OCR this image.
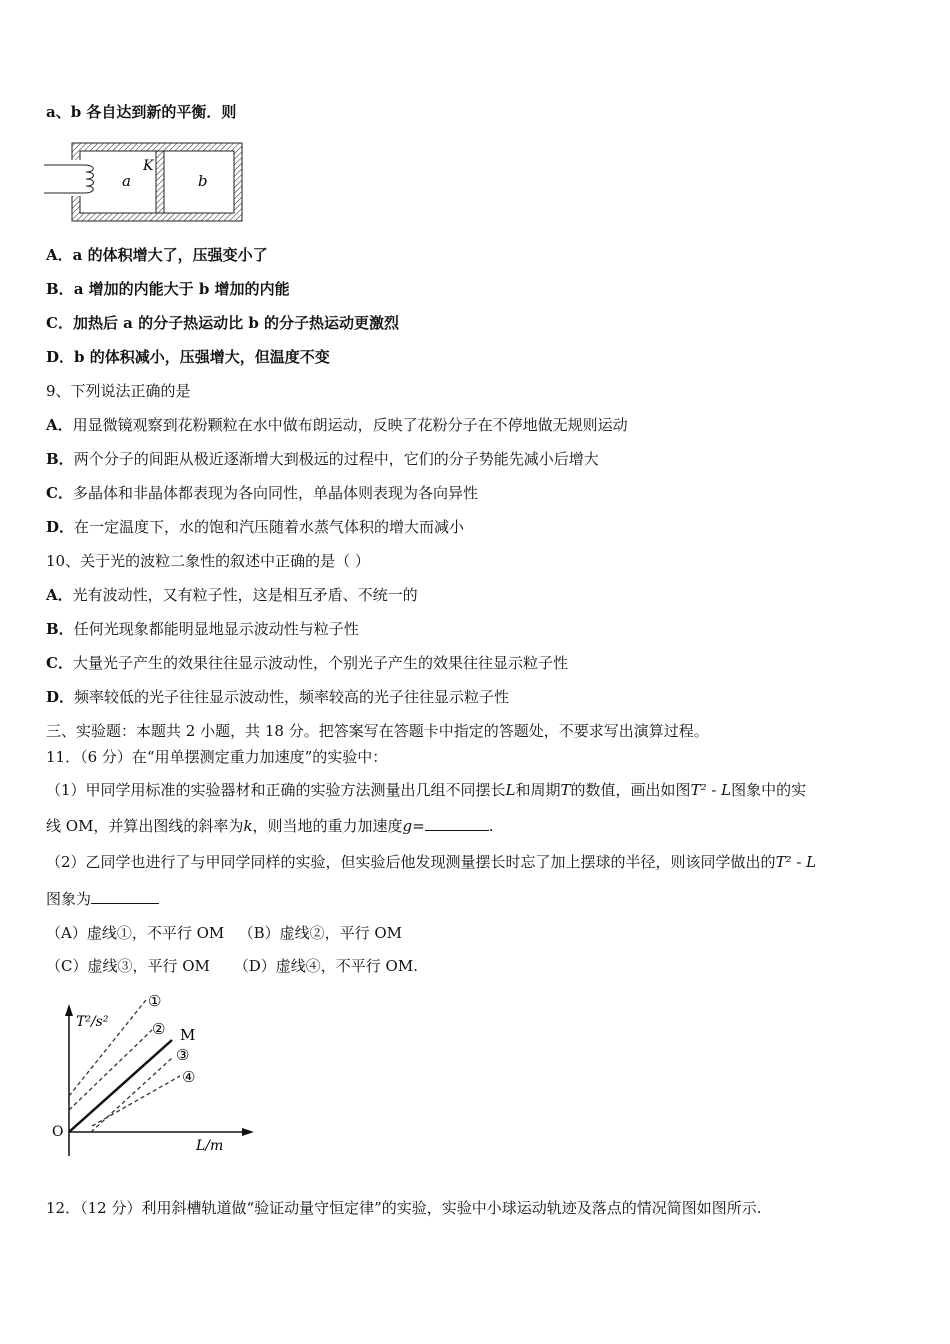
a、b 各自达到新的平衡．则
a
K
b
A．a 的体积增大了，压强变小了
B．a 增加的内能大于 b 增加的内能
C．加热后 a 的分子热运动比 b 的分子热运动更激烈
D．b 的体积减小，压强增大，但温度不变
9、下列说法正确的是
A．用显微镜观察到花粉颗粒在水中做布朗运动，反映了花粉分子在不停地做无规则运动
B．两个分子的间距从极近逐渐增大到极远的过程中，它们的分子势能先减小后增大
C．多晶体和非晶体都表现为各向同性，单晶体则表现为各向异性
D．在一定温度下，水的饱和汽压随着水蒸气体积的增大而减小
10、关于光的波粒二象性的叙述中正确的是（ ）
A．光有波动性，又有粒子性，这是相互矛盾、不统一的
B．任何光现象都能明显地显示波动性与粒子性
C．大量光子产生的效果往往显示波动性，个别光子产生的效果往往显示粒子性
D．频率较低的光子往往显示波动性，频率较高的光子往往显示粒子性
三、实验题：本题共 2 小题，共 18 分。把答案写在答题卡中指定的答题处，不要求写出演算过程。
11．（6 分）在“用单摆测定重力加速度”的实验中：
（1）甲同学用标准的实验器材和正确的实验方法测量出几组不同摆长L和周期T的数值，画出如图T² - L图象中的实
线 OM，并算出图线的斜率为k，则当地的重力加速度g=	.
（2）乙同学也进行了与甲同学同样的实验，但实验后他发现测量摆长时忘了加上摆球的半径，则该同学做出的T² - L
图象为
（A）虚线①，不平行 OM （B）虚线②，平行 OM
（C）虚线③，平行 OM （D）虚线④，不平行 OM.
T²/s²
L/m
O
M
①
②
③
④
12．（12 分）利用斜槽轨道做“验证动量守恒定律”的实验，实验中小球运动轨迹及落点的情况简图如图所示.
